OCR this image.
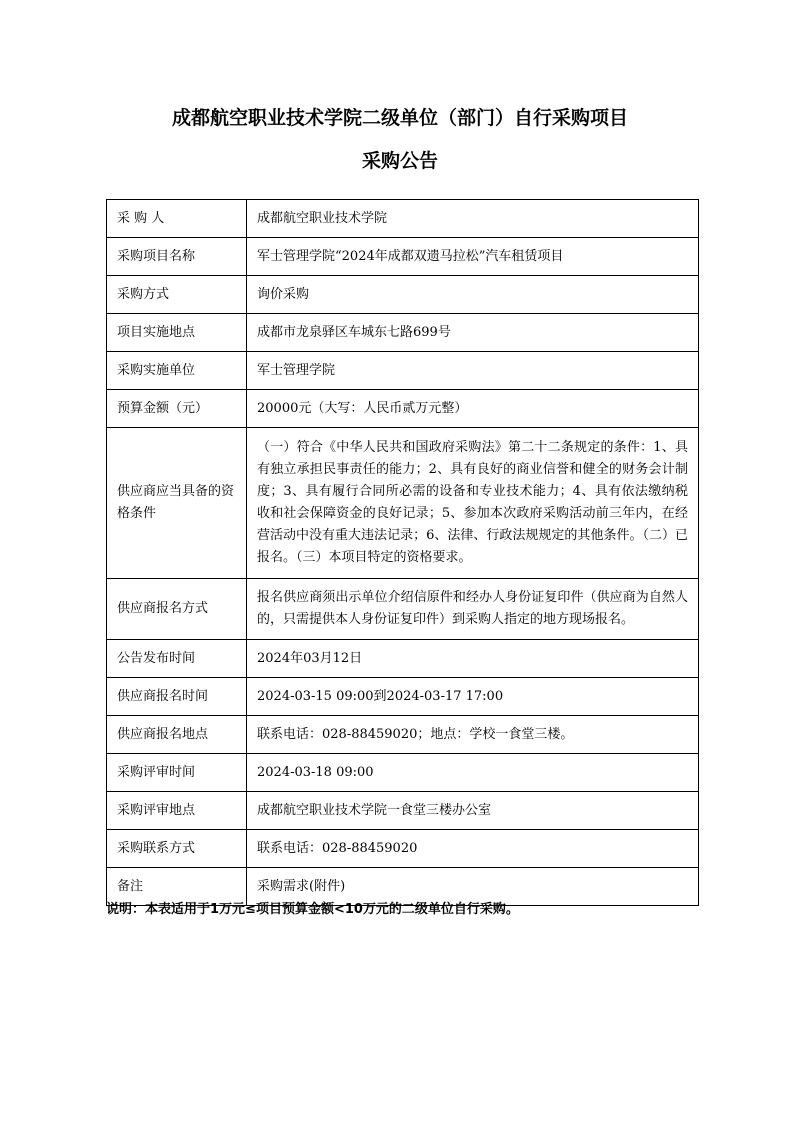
成都航空职业技术学院二级单位（部门）自行采购项目
采购公告
采 购 人	成都航空职业技术学院
采购项目名称	军士管理学院“2024年成都双遗马拉松”汽车租赁项目
采购方式	询价采购
项目实施地点	成都市龙泉驿区车城东七路699号
采购实施单位	军士管理学院
预算金额（元）	20000元（大写：人民币贰万元整）
供应商应当具备的资格条件	（一）符合《中华人民共和国政府采购法》第二十二条规定的条件：1、具有独立承担民事责任的能力；2、具有良好的商业信誉和健全的财务会计制度；3、具有履行合同所必需的设备和专业技术能力；4、具有依法缴纳税收和社会保障资金的良好记录；5、参加本次政府采购活动前三年内，在经营活动中没有重大违法记录；6、法律、行政法规规定的其他条件。（二）已报名。（三）本项目特定的资格要求。
供应商报名方式	报名供应商须出示单位介绍信原件和经办人身份证复印件（供应商为自然人的，只需提供本人身份证复印件）到采购人指定的地方现场报名。
公告发布时间	2024年03月12日
供应商报名时间	2024-03-15 09:00到2024-03-17 17:00
供应商报名地点	联系电话：028-88459020；地点：学校一食堂三楼。
采购评审时间	2024-03-18 09:00
采购评审地点	成都航空职业技术学院一食堂三楼办公室
采购联系方式	联系电话：028-88459020
备注	采购需求(附件)
说明：本表适用于1万元≤项目预算金额<10万元的二级单位自行采购。
